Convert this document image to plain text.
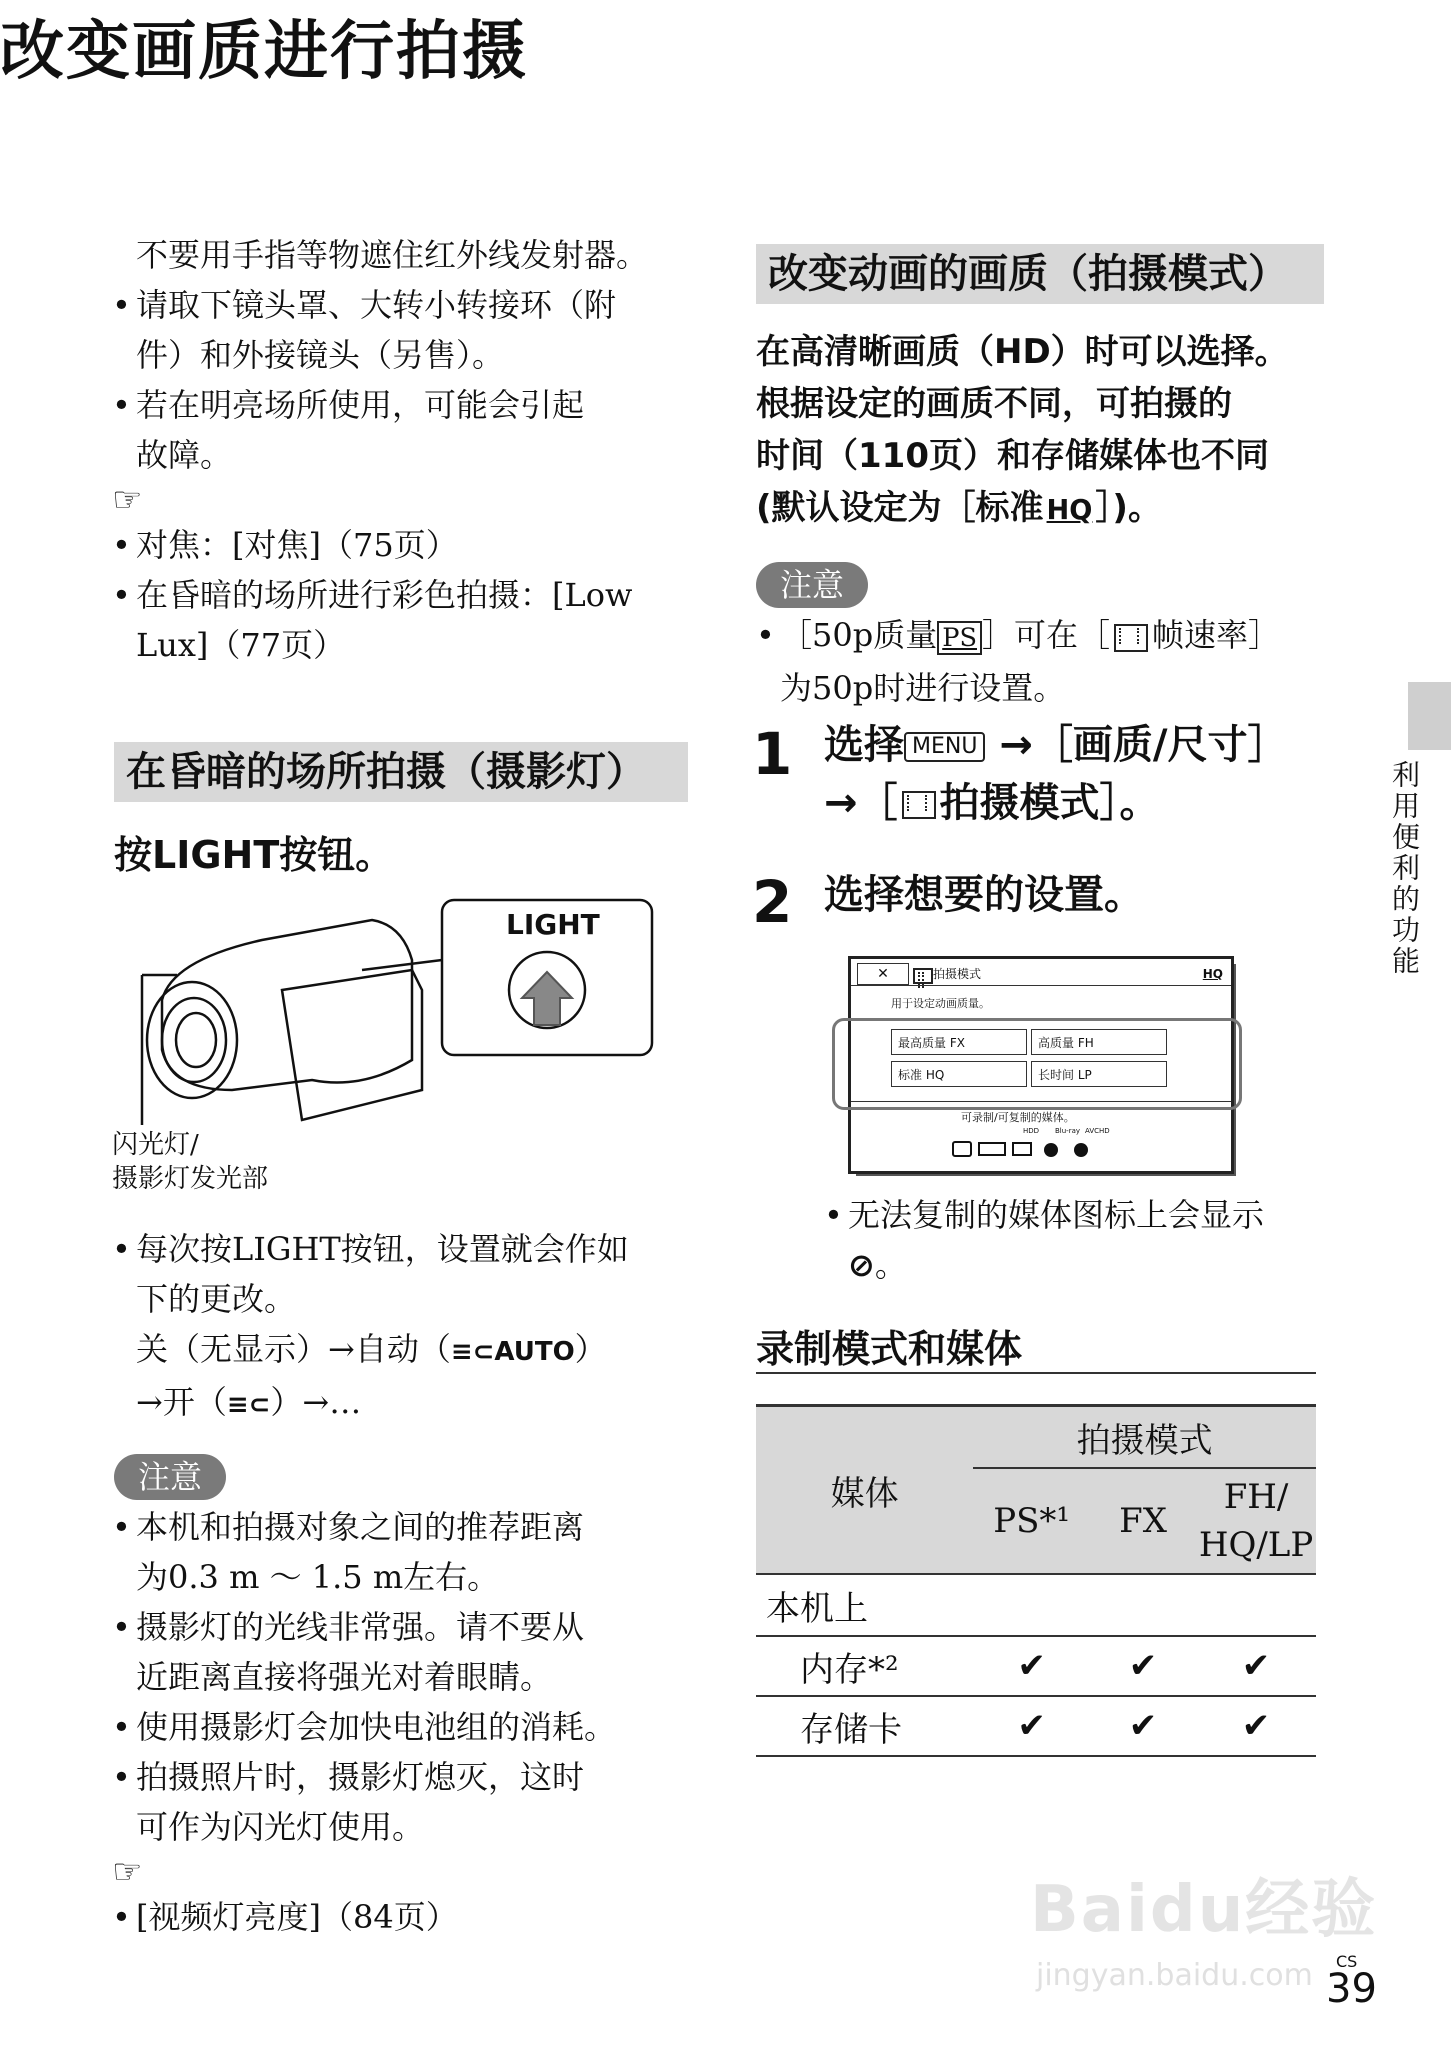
改变画质进行拍摄
利用便利的功能
不要用手指等物遮住红外线发射器。
• 请取下镜头罩、大转小转接环（附
件）和外接镜头（另售）。
• 若在明亮场所使用，可能会引起
故障。
☞
• 对焦：[对焦]（75页）
• 在昏暗的场所进行彩色拍摄：[Low
Lux]（77页）
在昏暗的场所拍摄（摄影灯）
按LIGHT按钮。
LIGHT
闪光灯/
摄影灯发光部
• 每次按LIGHT按钮，设置就会作如
下的更改。
关（无显示）→自动（≡⊂AUTO）
→开（≡⊂）→…
注意
• 本机和拍摄对象之间的推荐距离
为0.3 m ～ 1.5 m左右。
• 摄影灯的光线非常强。请不要从
近距离直接将强光对着眼睛。
• 使用摄影灯会加快电池组的消耗。
• 拍摄照片时，摄影灯熄灭，这时
可作为闪光灯使用。
☞
• [视频灯亮度]（84页）
改变动画的画质（拍摄模式）
在高清晰画质（HD）时可以选择。
根据设定的画质不同，可拍摄的
时间（110页）和存储媒体也不同
(默认设定为［标准 HQ］)。
注意
• ［50p质量 PS ］可在［ 帧速率］
为50p时进行设置。
1 选择 MENU →［画质/尺寸］
→［ 拍摄模式］。
2 选择想要的设置。
✕	拍摄模式	HQ
用于设定动画质量。
最高质量 FX	高质量 FH
标准 HQ	长时间 LP
可录制/可复制的媒体。
HDD Blu-ray AVCHD
• 无法复制的媒体图标上会显示
⊘。
录制模式和媒体
媒体	拍摄模式		
	PS*¹	FX	FH/
HQ/LP
本机上			
内存*²	✔	✔	✔
存储卡	✔	✔	✔
Baidu经验
jingyan.baidu.com CS
39
